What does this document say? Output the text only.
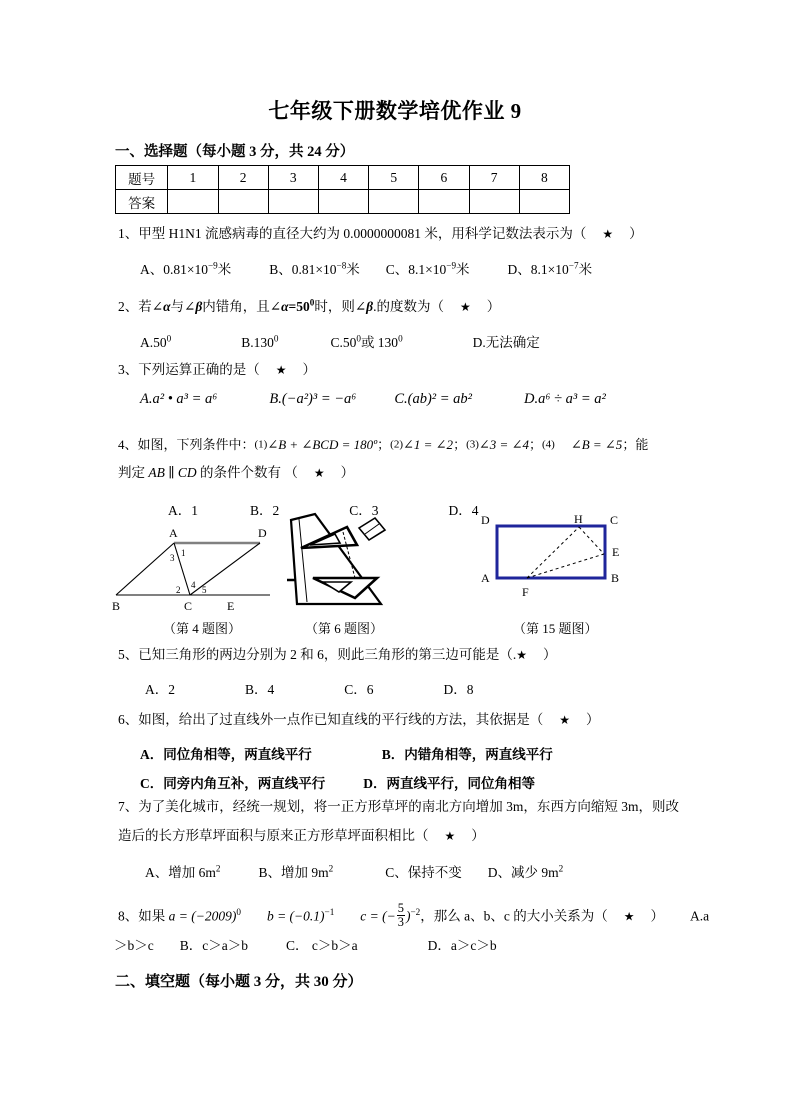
七年级下册数学培优作业 9
一、选择题（每小题 3 分，共 24 分）
题号	1	2	3	4	5	6	7	8
答案								
1、甲型 H1N1 流感病毒的直径大约为 0.0000000081 米，用科学记数法表示为（ ★ ）
A、$0.81\times 10^{-9}$米	B、$0.81\times 10^{-8}$米 C、$8.1\times 10^{-9}$米	D、$8.1\times 10^{-7}$米
2、若∠α与∠β内错角，且$\angle\alpha=50^0$时，则∠β.的度数为（ ★ ）
$A.50^0$	B.130$^0$	$C.50^0$或 $130^0$	D.无法确定
3、下列运算正确的是（ ★ ）
A.a² • a³ = a⁶	B.(−a²)³ = −a⁶	C.(ab)² = ab²	D.a⁶ ÷ a³ = a²
4、如图，下列条件中：(1)∠B + ∠BCD = 180º；(2)∠1 = ∠2；(3)∠3 = ∠4；(4) ∠B = ∠5；能
判定 AB ∥ CD 的条件个数有 （ ★ ）
A．1	B．2	C．3	D．4
A	D
B	C	E
1
3
2 4 5
D	C
A	B
H
E
F
（第 4 题图）	（第 6 题图）	（第 15 题图）
5、已知三角形的两边分别为 2 和 6，则此三角形的第三边可能是（.★ ）
A．2	B．4	C．6	D．8
6、如图，给出了过直线外一点作已知直线的平行线的方法，其依据是（ ★ ）
A．同位角相等，两直线平行	B．内错角相等，两直线平行
C．同旁内角互补，两直线平行	D．两直线平行，同位角相等
7、为了美化城市，经统一规划，将一正方形草坪的南北方向增加 3m，东西方向缩短 3m，则改
造后的长方形草坪面积与原来正方形草坪面积相比（ ★ ）
A、增加 $6m^2$	B、增加 $9m^2$	C、保持不变 D、减少 $9m^2$
8、如果 $a = (-2009)^0$ $b = (-0.1)^{-1}$ c = (− $\frac{5}{3} )^{-2}$，那么 a、b、c 的大小关系为（ ★ ） A.a
＞b＞c B．c＞a＞b	C． c＞b＞a	D．a＞c＞b
二、填空题（每小题 3 分，共 30 分）
